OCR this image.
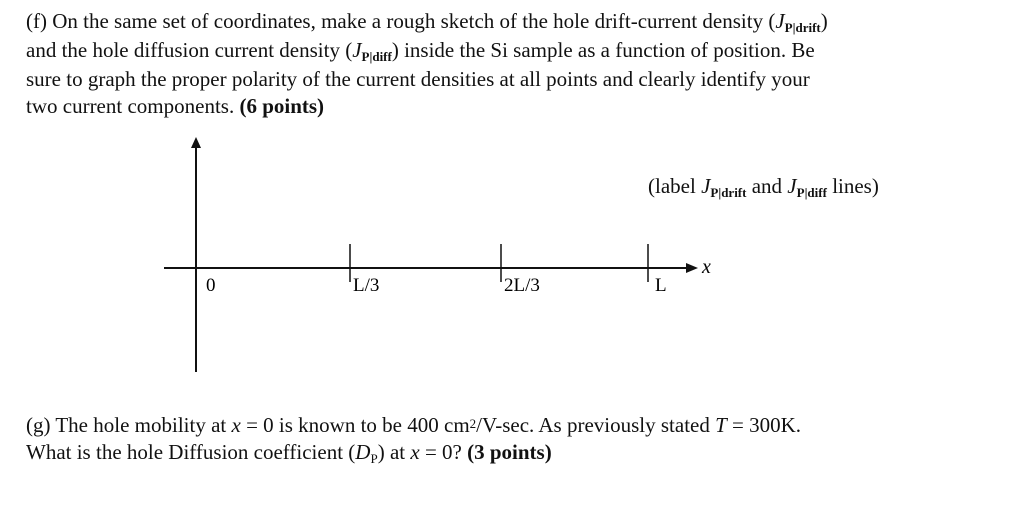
(f) On the same set of coordinates, make a rough sketch of the hole drift-current density (JP|drift)
and the hole diffusion current density (JP|diff) inside the Si sample as a function of position. Be
sure to graph the proper polarity of the current densities at all points and clearly identify your
two current components. (6 points)
0	L/3	2L/3	L
x
(label JP|drift and JP|diff lines)
(g) The hole mobility at x = 0 is known to be 400 $cm^2/V-\sec$. As previously stated T = 300K.
What is the hole Diffusion coefficient (DP) at x = 0? (3 points)
